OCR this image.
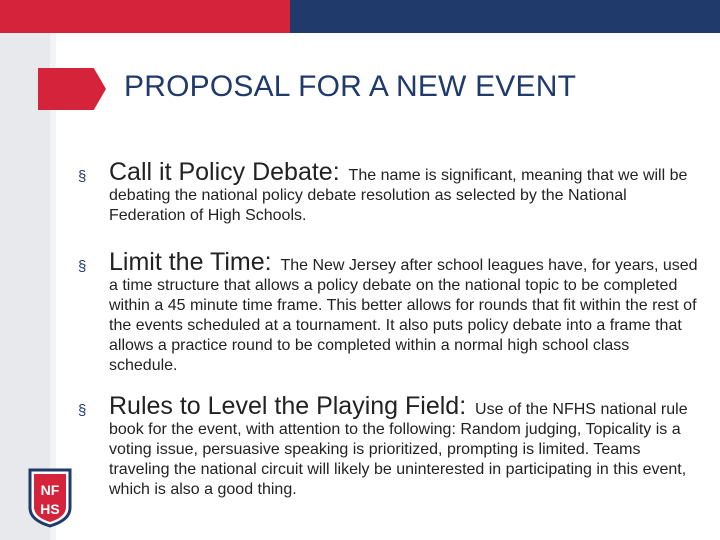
PROPOSAL FOR A NEW EVENT
§ Call it Policy Debate: The name is significant, meaning that we will be debating the national policy debate resolution as selected by the National Federation of High Schools.
§ Limit the Time: The New Jersey after school leagues have, for years, used a time structure that allows a policy debate on the national topic to be completed within a 45 minute time frame. This better allows for rounds that fit within the rest of the events scheduled at a tournament. It also puts policy debate into a frame that allows a practice round to be completed within a normal high school class schedule.
§ Rules to Level the Playing Field: Use of the NFHS national rule book for the event, with attention to the following: Random judging, Topicality is a voting issue, persuasive speaking is prioritized, prompting is limited. Teams traveling the national circuit will likely be uninterested in participating in this event, which is also a good thing.
NF
HS
